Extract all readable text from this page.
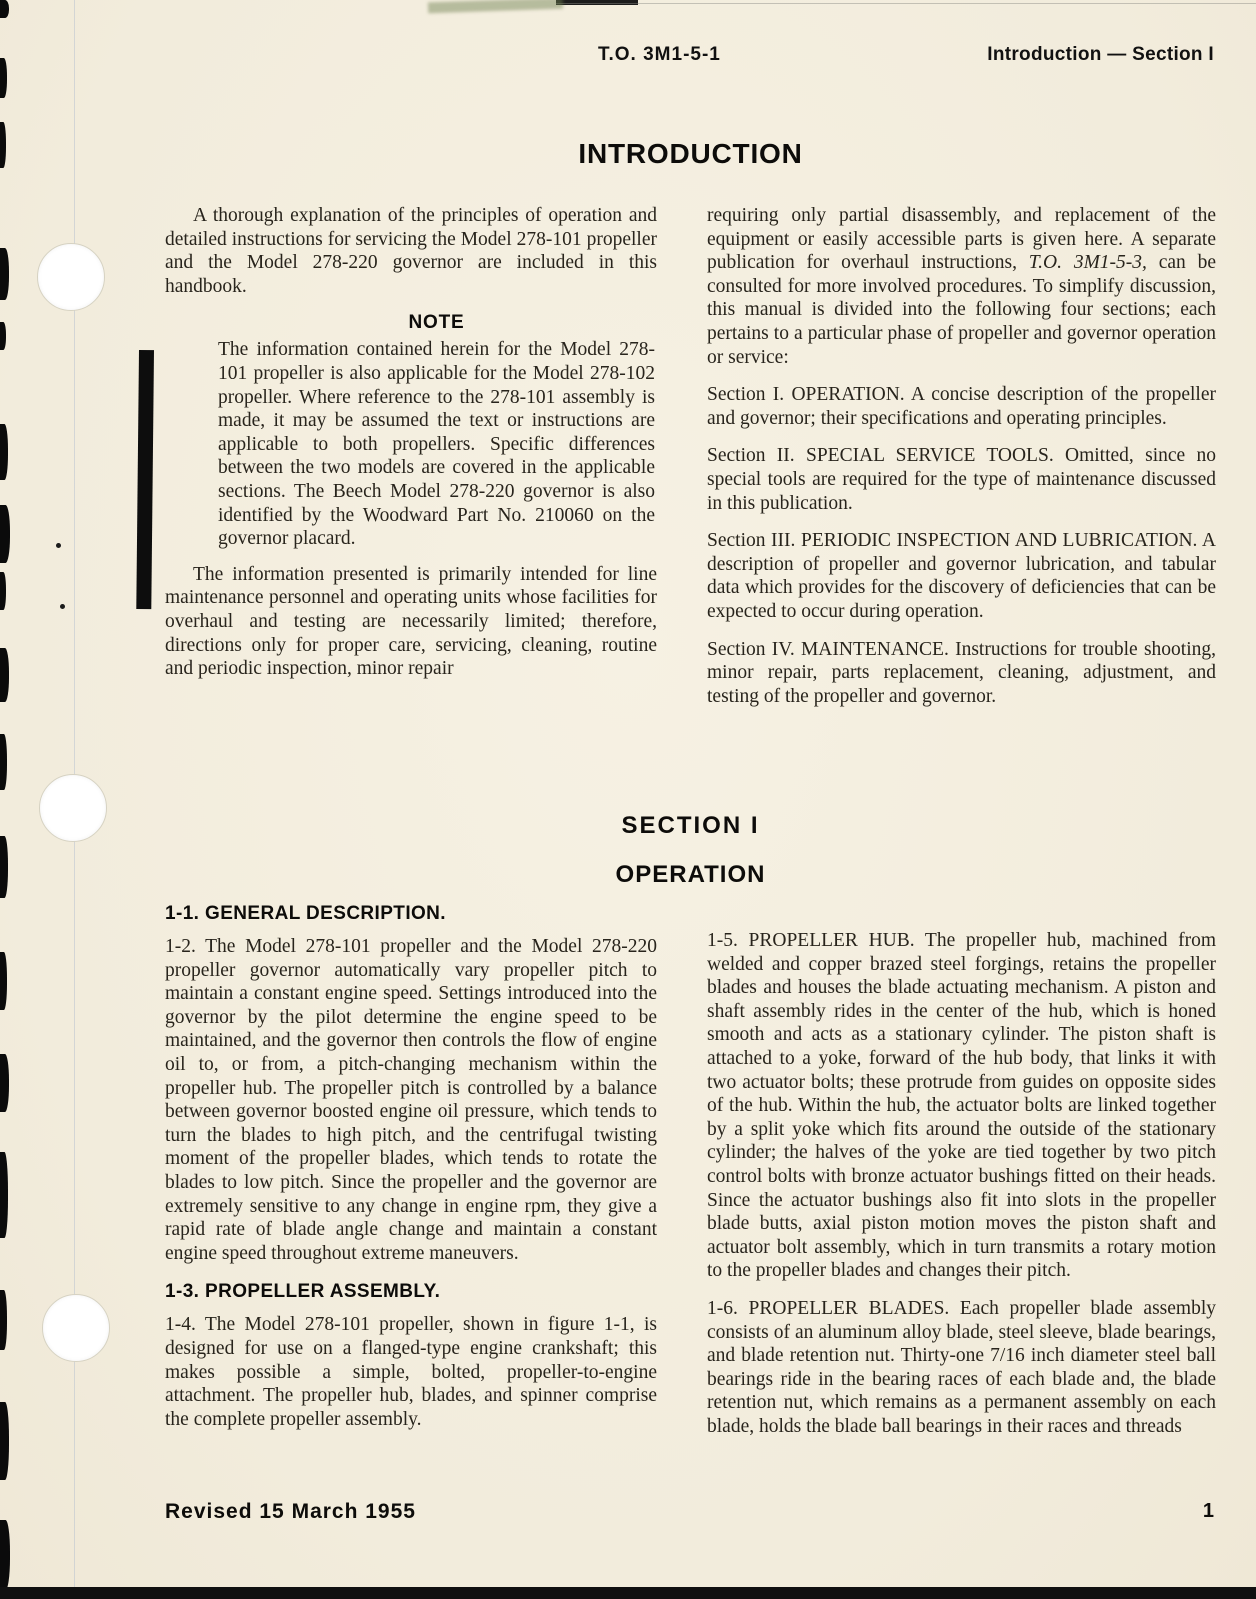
T.O. 3M1-5-1	Introduction — Section I
INTRODUCTION

A thorough explanation of the principles of operation and detailed instructions for servicing the Model 278-101 propeller and the Model 278-220 governor are included in this handbook.

NOTE

The information contained herein for the Model 278-101 propeller is also applicable for the Model 278-102 propeller. Where reference to the 278-101 assembly is made, it may be assumed the text or instructions are applicable to both propellers. Specific differences between the two models are covered in the applicable sections. The Beech Model 278-220 governor is also identified by the Woodward Part No. 210060 on the governor placard.

The information presented is primarily intended for line maintenance personnel and operating units whose facilities for overhaul and testing are necessarily limited; therefore, directions only for proper care, servicing, cleaning, routine and periodic inspection, minor repair

requiring only partial disassembly, and replacement of the equipment or easily accessible parts is given here. A separate publication for overhaul instructions, T.O. 3M1-5-3, can be consulted for more involved procedures. To simplify discussion, this manual is divided into the following four sections; each pertains to a particular phase of propeller and governor operation or service:

Section I. OPERATION. A concise description of the propeller and governor; their specifications and operating principles.

Section II. SPECIAL SERVICE TOOLS. Omitted, since no special tools are required for the type of maintenance discussed in this publication.

Section III. PERIODIC INSPECTION AND LUBRICATION. A description of propeller and governor lubrication, and tabular data which provides for the discovery of deficiencies that can be expected to occur during operation.

Section IV. MAINTENANCE. Instructions for trouble shooting, minor repair, parts replacement, cleaning, adjustment, and testing of the propeller and governor.

SECTION I
OPERATION
1-1. GENERAL DESCRIPTION.

1-2. The Model 278-101 propeller and the Model 278-220 propeller governor automatically vary propeller pitch to maintain a constant engine speed. Settings introduced into the governor by the pilot determine the engine speed to be maintained, and the governor then controls the flow of engine oil to, or from, a pitch-changing mechanism within the propeller hub. The propeller pitch is controlled by a balance between governor boosted engine oil pressure, which tends to turn the blades to high pitch, and the centrifugal twisting moment of the propeller blades, which tends to rotate the blades to low pitch. Since the propeller and the governor are extremely sensitive to any change in engine rpm, they give a rapid rate of blade angle change and maintain a constant engine speed throughout extreme maneuvers.

1-3. PROPELLER ASSEMBLY.

1-4. The Model 278-101 propeller, shown in figure 1-1, is designed for use on a flanged-type engine crankshaft; this makes possible a simple, bolted, propeller-to-engine attachment. The propeller hub, blades, and spinner comprise the complete propeller assembly.

1-5. PROPELLER HUB. The propeller hub, machined from welded and copper brazed steel forgings, retains the propeller blades and houses the blade actuating mechanism. A piston and shaft assembly rides in the center of the hub, which is honed smooth and acts as a stationary cylinder. The piston shaft is attached to a yoke, forward of the hub body, that links it with two actuator bolts; these protrude from guides on opposite sides of the hub. Within the hub, the actuator bolts are linked together by a split yoke which fits around the outside of the stationary cylinder; the halves of the yoke are tied together by two pitch control bolts with bronze actuator bushings fitted on their heads. Since the actuator bushings also fit into slots in the propeller blade butts, axial piston motion moves the piston shaft and actuator bolt assembly, which in turn transmits a rotary motion to the propeller blades and changes their pitch.

1-6. PROPELLER BLADES. Each propeller blade assembly consists of an aluminum alloy blade, steel sleeve, blade bearings, and blade retention nut. Thirty-one 7/16 inch diameter steel ball bearings ride in the bearing races of each blade and, the blade retention nut, which remains as a permanent assembly on each blade, holds the blade ball bearings in their races and threads

Revised 15 March 1955	1
